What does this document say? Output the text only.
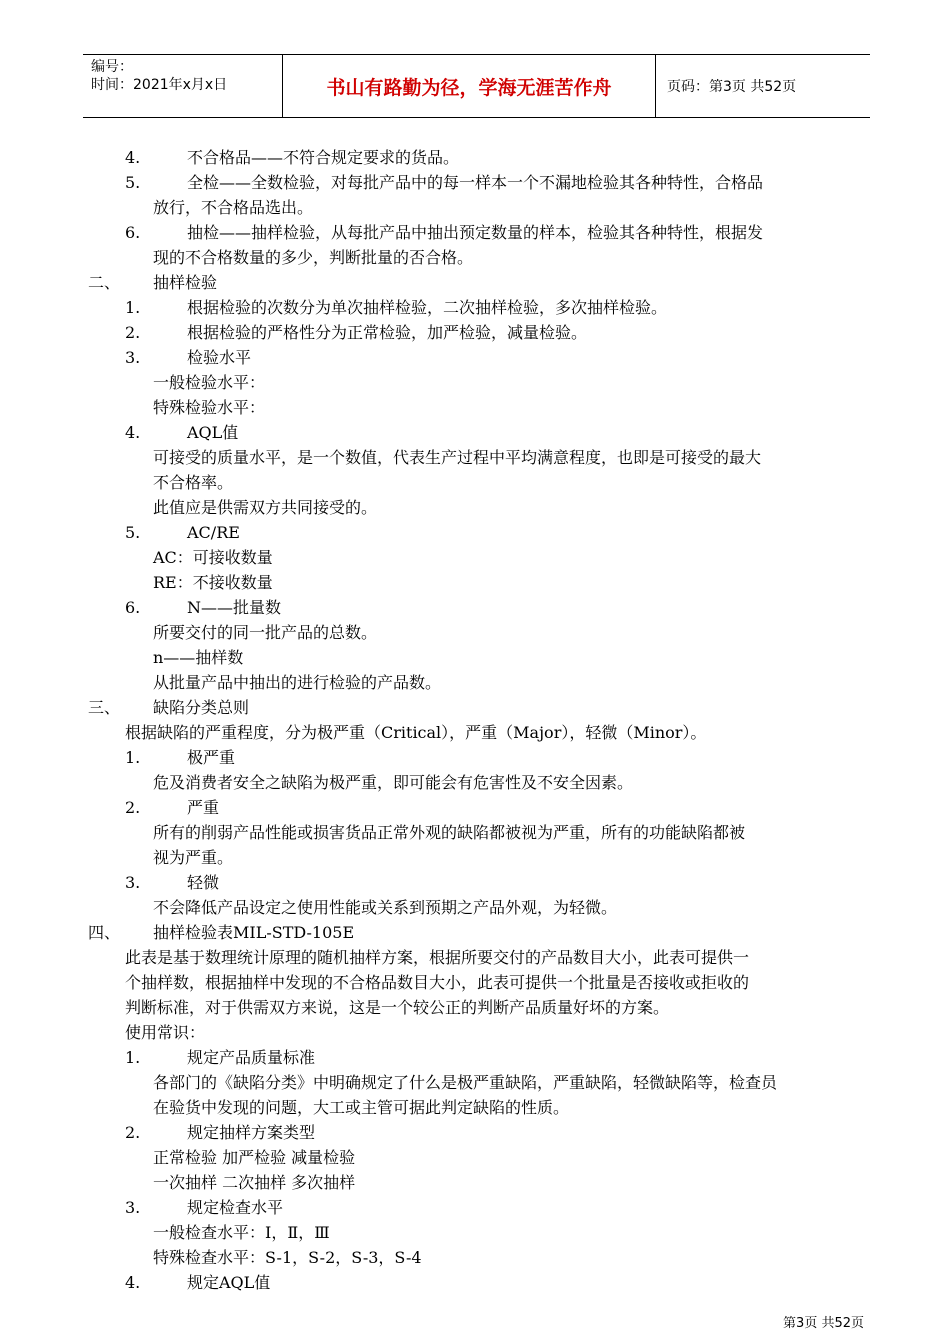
编号：
时间：2021年x月x日	书山有路勤为径，学海无涯苦作舟	页码：第3页 共52页
4.	不合格品——不符合规定要求的货品。
5.	全检——全数检验，对每批产品中的每一样本一个不漏地检验其各种特性，合格品
放行，不合格品选出。
6.	抽检——抽样检验，从每批产品中抽出预定数量的样本，检验其各种特性，根据发
现的不合格数量的多少，判断批量的否合格。
二、 抽样检验
1.	根据检验的次数分为单次抽样检验，二次抽样检验，多次抽样检验。
2.	根据检验的严格性分为正常检验，加严检验，减量检验。
3.	检验水平
一般检验水平：
特殊检验水平：
4.	AQL值
可接受的质量水平，是一个数值，代表生产过程中平均满意程度，也即是可接受的最大
不合格率。
此值应是供需双方共同接受的。
5.	AC/RE
AC：可接收数量
RE：不接收数量
6.	N——批量数
所要交付的同一批产品的总数。
n——抽样数
从批量产品中抽出的进行检验的产品数。
三、 缺陷分类总则
根据缺陷的严重程度，分为极严重（Critical），严重（Major），轻微（Minor）。
1.	极严重
危及消费者安全之缺陷为极严重，即可能会有危害性及不安全因素。
2.	严重
所有的削弱产品性能或损害货品正常外观的缺陷都被视为严重，所有的功能缺陷都被
视为严重。
3.	轻微
不会降低产品设定之使用性能或关系到预期之产品外观，为轻微。
四、 抽样检验表MIL-STD-105E
此表是基于数理统计原理的随机抽样方案，根据所要交付的产品数目大小，此表可提供一
个抽样数，根据抽样中发现的不合格品数目大小，此表可提供一个批量是否接收或拒收的
判断标准，对于供需双方来说，这是一个较公正的判断产品质量好坏的方案。
使用常识：
1.	规定产品质量标准
各部门的《缺陷分类》中明确规定了什么是极严重缺陷，严重缺陷，轻微缺陷等，检查员
在验货中发现的问题，大工或主管可据此判定缺陷的性质。
2.	规定抽样方案类型
正常检验 加严检验 减量检验
一次抽样 二次抽样 多次抽样
3.	规定检查水平
一般检查水平：Ⅰ，Ⅱ，Ⅲ
特殊检查水平：S-1，S-2，S-3，S-4
4.	规定AQL值
第3页 共52页
